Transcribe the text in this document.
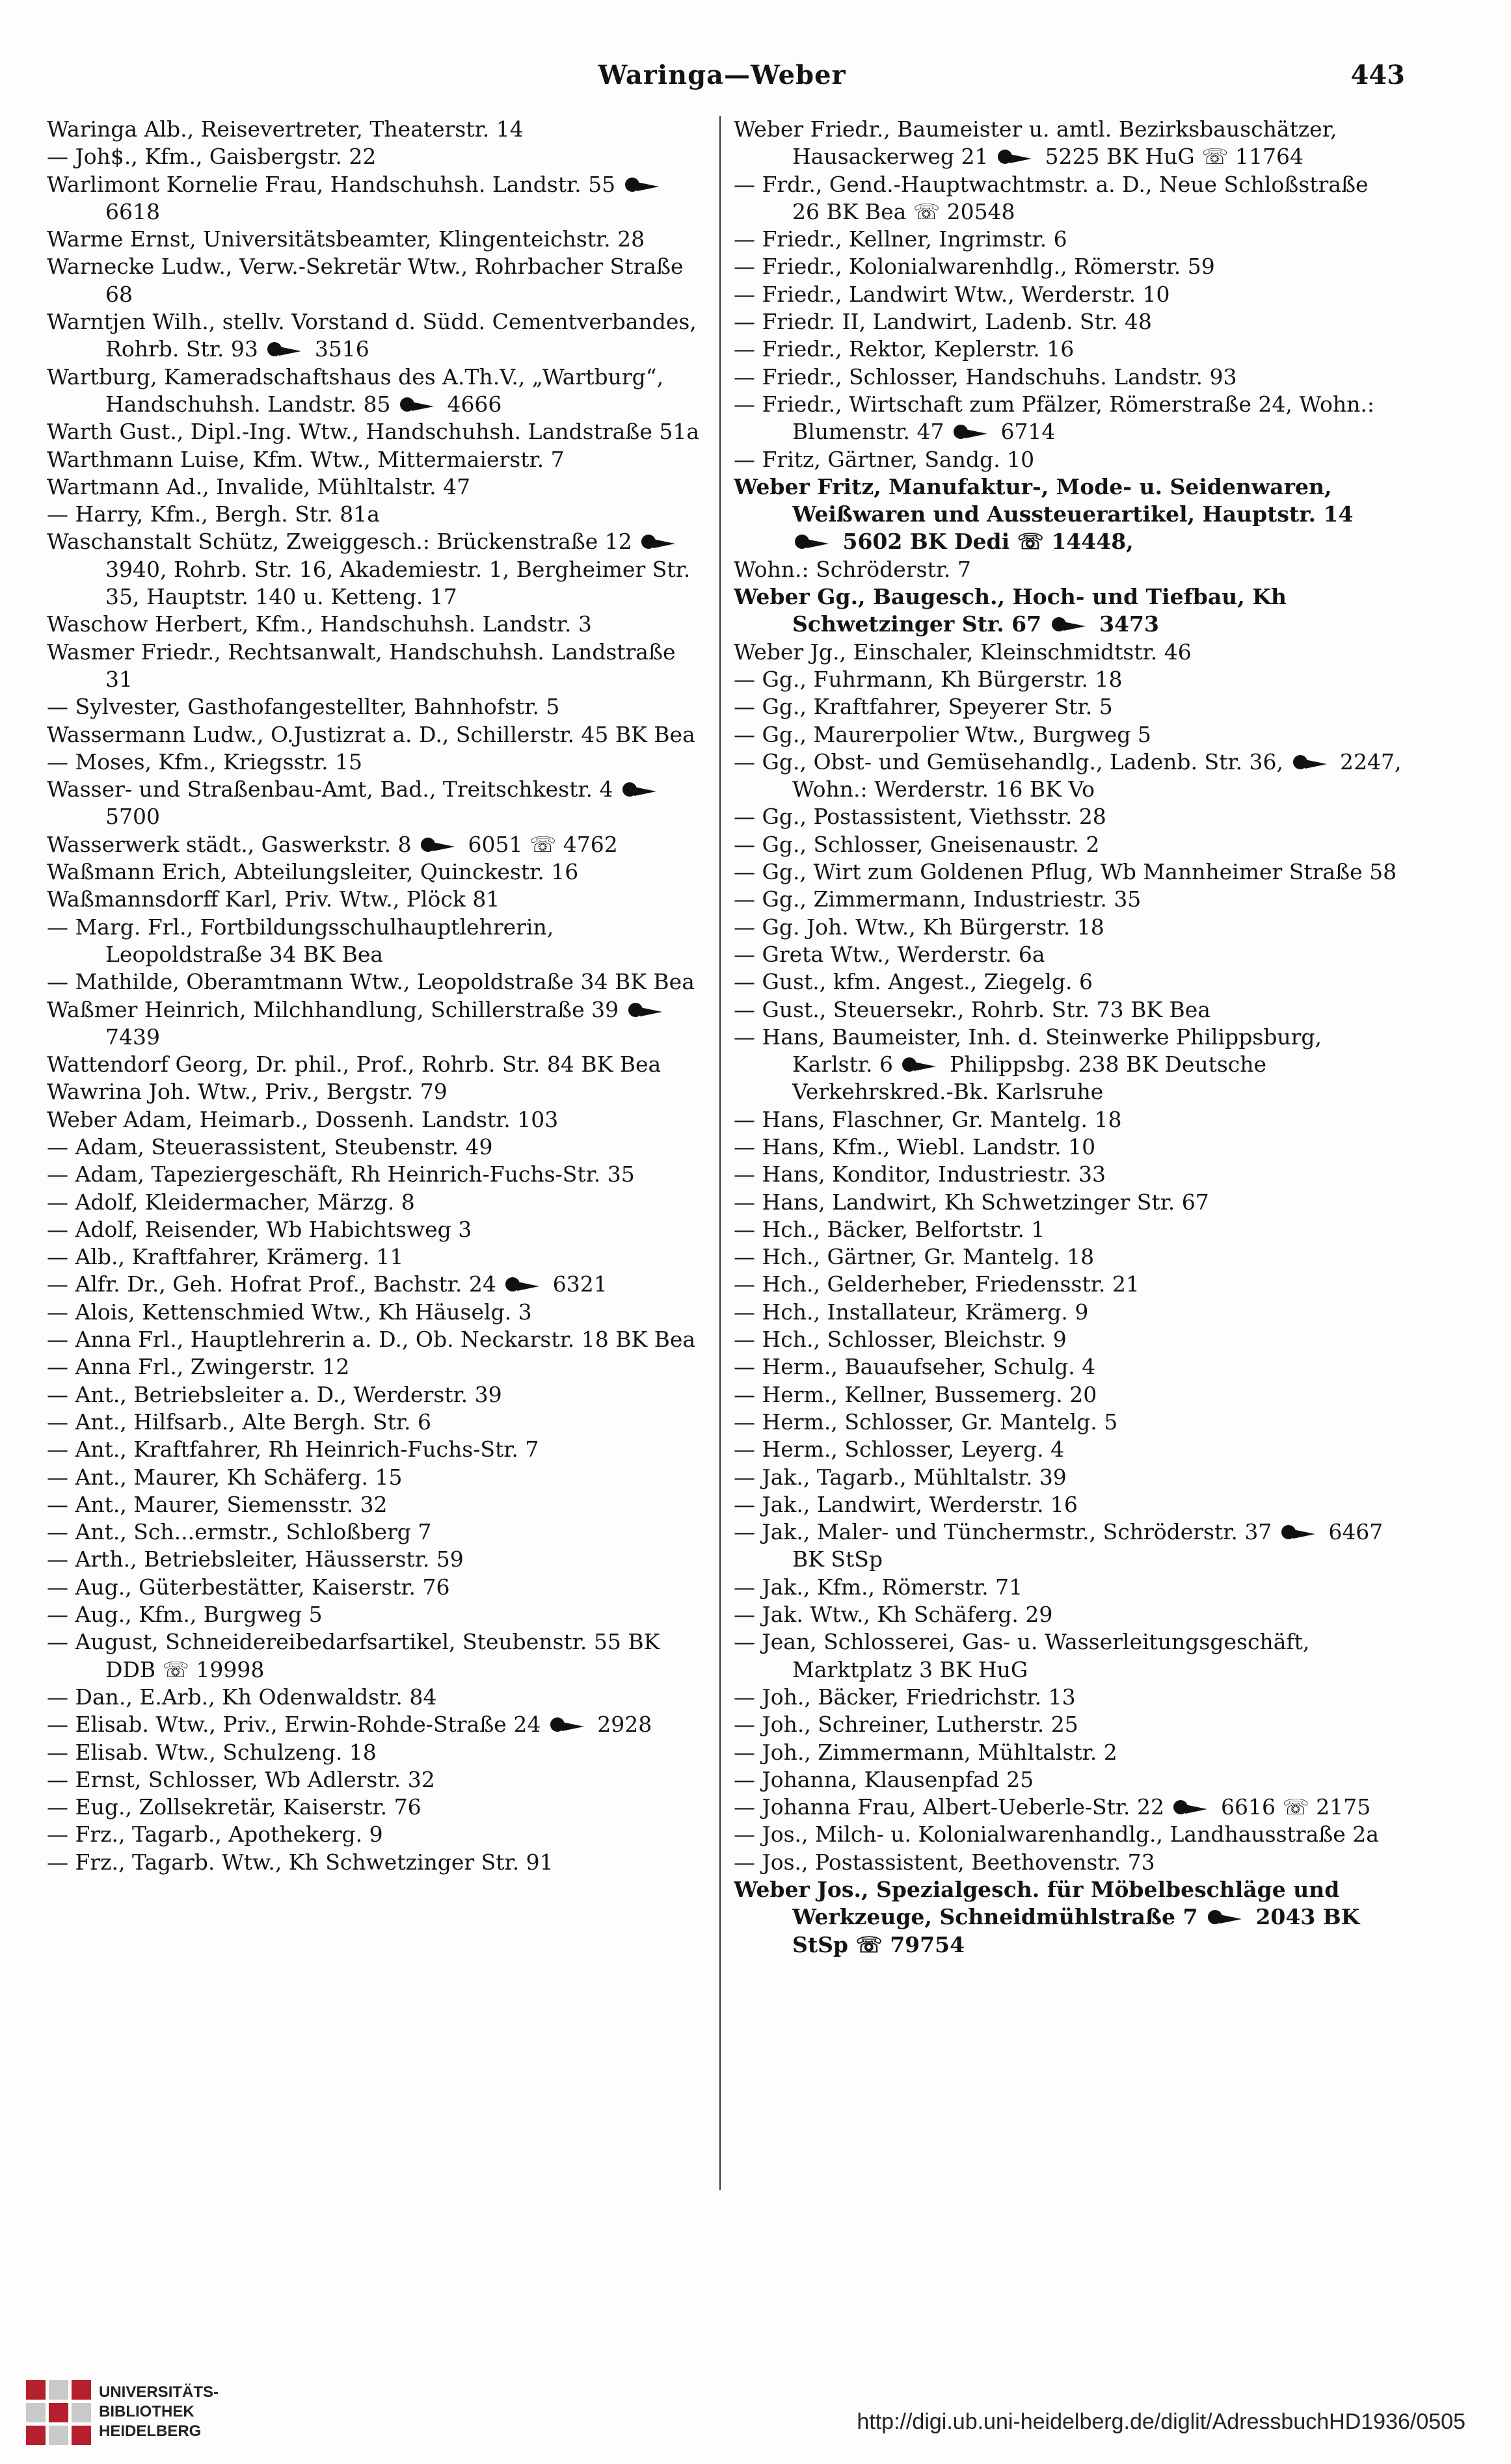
Waringa—Weber	443

Waringa Alb., Reisevertreter, Theaterstr. 14

— Joh$., Kfm., Gaisbergstr. 22

Warlimont Kornelie Frau, Handschuhsh. Landstr. 55  6618

Warme Ernst, Universitätsbeamter, Klingenteichstr. 28

Warnecke Ludw., Verw.-Sekretär Wtw., Rohrbacher Straße 68

Warntjen Wilh., stellv. Vorstand d. Südd. Cementverbandes, Rohrb. Str. 93  3516

Wartburg, Kameradschaftshaus des A.Th.V., „Wartburg“, Handschuhsh. Landstr. 85  4666

Warth Gust., Dipl.-Ing. Wtw., Handschuhsh. Landstraße 51a

Warthmann Luise, Kfm. Wtw., Mittermaierstr. 7

Wartmann Ad., Invalide, Mühltalstr. 47

— Harry, Kfm., Bergh. Str. 81a

Waschanstalt Schütz, Zweiggesch.: Brückenstraße 12  3940, Rohrb. Str. 16, Akademiestr. 1, Bergheimer Str. 35, Hauptstr. 140 u. Ketteng. 17

Waschow Herbert, Kfm., Handschuhsh. Landstr. 3

Wasmer Friedr., Rechtsanwalt, Handschuhsh. Landstraße 31

— Sylvester, Gasthofangestellter, Bahnhofstr. 5

Wassermann Ludw., O.Justizrat a. D., Schillerstr. 45 BK Bea

— Moses, Kfm., Kriegsstr. 15

Wasser- und Straßenbau-Amt, Bad., Treitschkestr. 4  5700

Wasserwerk städt., Gaswerkstr. 8  6051 ☏ 4762

Waßmann Erich, Abteilungsleiter, Quinckestr. 16

Waßmannsdorff Karl, Priv. Wtw., Plöck 81

— Marg. Frl., Fortbildungsschulhauptlehrerin, Leopoldstraße 34 BK Bea

— Mathilde, Oberamtmann Wtw., Leopoldstraße 34 BK Bea

Waßmer Heinrich, Milchhandlung, Schillerstraße 39  7439

Wattendorf Georg, Dr. phil., Prof., Rohrb. Str. 84 BK Bea

Wawrina Joh. Wtw., Priv., Bergstr. 79

Weber Adam, Heimarb., Dossenh. Landstr. 103

— Adam, Steuerassistent, Steubenstr. 49

— Adam, Tapeziergeschäft, Rh Heinrich-Fuchs-Str. 35

— Adolf, Kleidermacher, Märzg. 8

— Adolf, Reisender, Wb Habichtsweg 3

— Alb., Kraftfahrer, Krämerg. 11

— Alfr. Dr., Geh. Hofrat Prof., Bachstr. 24  6321

— Alois, Kettenschmied Wtw., Kh Häuselg. 3

— Anna Frl., Hauptlehrerin a. D., Ob. Neckarstr. 18 BK Bea

— Anna Frl., Zwingerstr. 12

— Ant., Betriebsleiter a. D., Werderstr. 39

— Ant., Hilfsarb., Alte Bergh. Str. 6

— Ant., Kraftfahrer, Rh Heinrich-Fuchs-Str. 7

— Ant., Maurer, Kh Schäferg. 15

— Ant., Maurer, Siemensstr. 32

— Ant., Sch...ermstr., Schloßberg 7

— Arth., Betriebsleiter, Häusserstr. 59

— Aug., Güterbestätter, Kaiserstr. 76

— Aug., Kfm., Burgweg 5

— August, Schneidereibedarfsartikel, Steubenstr. 55 BK DDB ☏ 19998

— Dan., E.Arb., Kh Odenwaldstr. 84

— Elisab. Wtw., Priv., Erwin-Rohde-Straße 24  2928

— Elisab. Wtw., Schulzeng. 18

— Ernst, Schlosser, Wb Adlerstr. 32

— Eug., Zollsekretär, Kaiserstr. 76

— Frz., Tagarb., Apothekerg. 9

— Frz., Tagarb. Wtw., Kh Schwetzinger Str. 91

Weber Friedr., Baumeister u. amtl. Bezirksbauschätzer, Hausackerweg 21  5225 BK HuG ☏ 11764

— Frdr., Gend.-Hauptwachtmstr. a. D., Neue Schloßstraße 26 BK Bea ☏ 20548

— Friedr., Kellner, Ingrimstr. 6

— Friedr., Kolonialwarenhdlg., Römerstr. 59

— Friedr., Landwirt Wtw., Werderstr. 10

— Friedr. II, Landwirt, Ladenb. Str. 48

— Friedr., Rektor, Keplerstr. 16

— Friedr., Schlosser, Handschuhs. Landstr. 93

— Friedr., Wirtschaft zum Pfälzer, Römerstraße 24, Wohn.: Blumenstr. 47  6714

— Fritz, Gärtner, Sandg. 10

Weber Fritz, Manufaktur-, Mode- u. Seidenwaren, Weißwaren und Aussteuerartikel, Hauptstr. 14  5602 BK Dedi ☏ 14448,

Wohn.: Schröderstr. 7

Weber Gg., Baugesch., Hoch- und Tiefbau, Kh Schwetzinger Str. 67  3473

Weber Jg., Einschaler, Kleinschmidtstr. 46

— Gg., Fuhrmann, Kh Bürgerstr. 18

— Gg., Kraftfahrer, Speyerer Str. 5

— Gg., Maurerpolier Wtw., Burgweg 5

— Gg., Obst- und Gemüsehandlg., Ladenb. Str. 36,  2247, Wohn.: Werderstr. 16 BK Vo

— Gg., Postassistent, Viethsstr. 28

— Gg., Schlosser, Gneisenaustr. 2

— Gg., Wirt zum Goldenen Pflug, Wb Mannheimer Straße 58

— Gg., Zimmermann, Industriestr. 35

— Gg. Joh. Wtw., Kh Bürgerstr. 18

— Greta Wtw., Werderstr. 6a

— Gust., kfm. Angest., Ziegelg. 6

— Gust., Steuersekr., Rohrb. Str. 73 BK Bea

— Hans, Baumeister, Inh. d. Steinwerke Philippsburg, Karlstr. 6  Philippsbg. 238 BK Deutsche Verkehrskred.-Bk. Karlsruhe

— Hans, Flaschner, Gr. Mantelg. 18

— Hans, Kfm., Wiebl. Landstr. 10

— Hans, Konditor, Industriestr. 33

— Hans, Landwirt, Kh Schwetzinger Str. 67

— Hch., Bäcker, Belfortstr. 1

— Hch., Gärtner, Gr. Mantelg. 18

— Hch., Gelderheber, Friedensstr. 21

— Hch., Installateur, Krämerg. 9

— Hch., Schlosser, Bleichstr. 9

— Herm., Bauaufseher, Schulg. 4

— Herm., Kellner, Bussemerg. 20

— Herm., Schlosser, Gr. Mantelg. 5

— Herm., Schlosser, Leyerg. 4

— Jak., Tagarb., Mühltalstr. 39

— Jak., Landwirt, Werderstr. 16

— Jak., Maler- und Tünchermstr., Schröderstr. 37  6467 BK StSp

— Jak., Kfm., Römerstr. 71

— Jak. Wtw., Kh Schäferg. 29

— Jean, Schlosserei, Gas- u. Wasserleitungsgeschäft, Marktplatz 3 BK HuG

— Joh., Bäcker, Friedrichstr. 13

— Joh., Schreiner, Lutherstr. 25

— Joh., Zimmermann, Mühltalstr. 2

— Johanna, Klausenpfad 25

— Johanna Frau, Albert-Ueberle-Str. 22  6616 ☏ 2175

— Jos., Milch- u. Kolonialwarenhandlg., Landhausstraße 2a

— Jos., Postassistent, Beethovenstr. 73

Weber Jos., Spezialgesch. für Möbelbeschläge und Werkzeuge, Schneidmühlstraße 7  2043 BK StSp ☏ 79754

UNIVERSITÄTS-
BIBLIOTHEK
HEIDELBERG	http://digi.ub.uni-heidelberg.de/diglit/AdressbuchHD1936/0505
